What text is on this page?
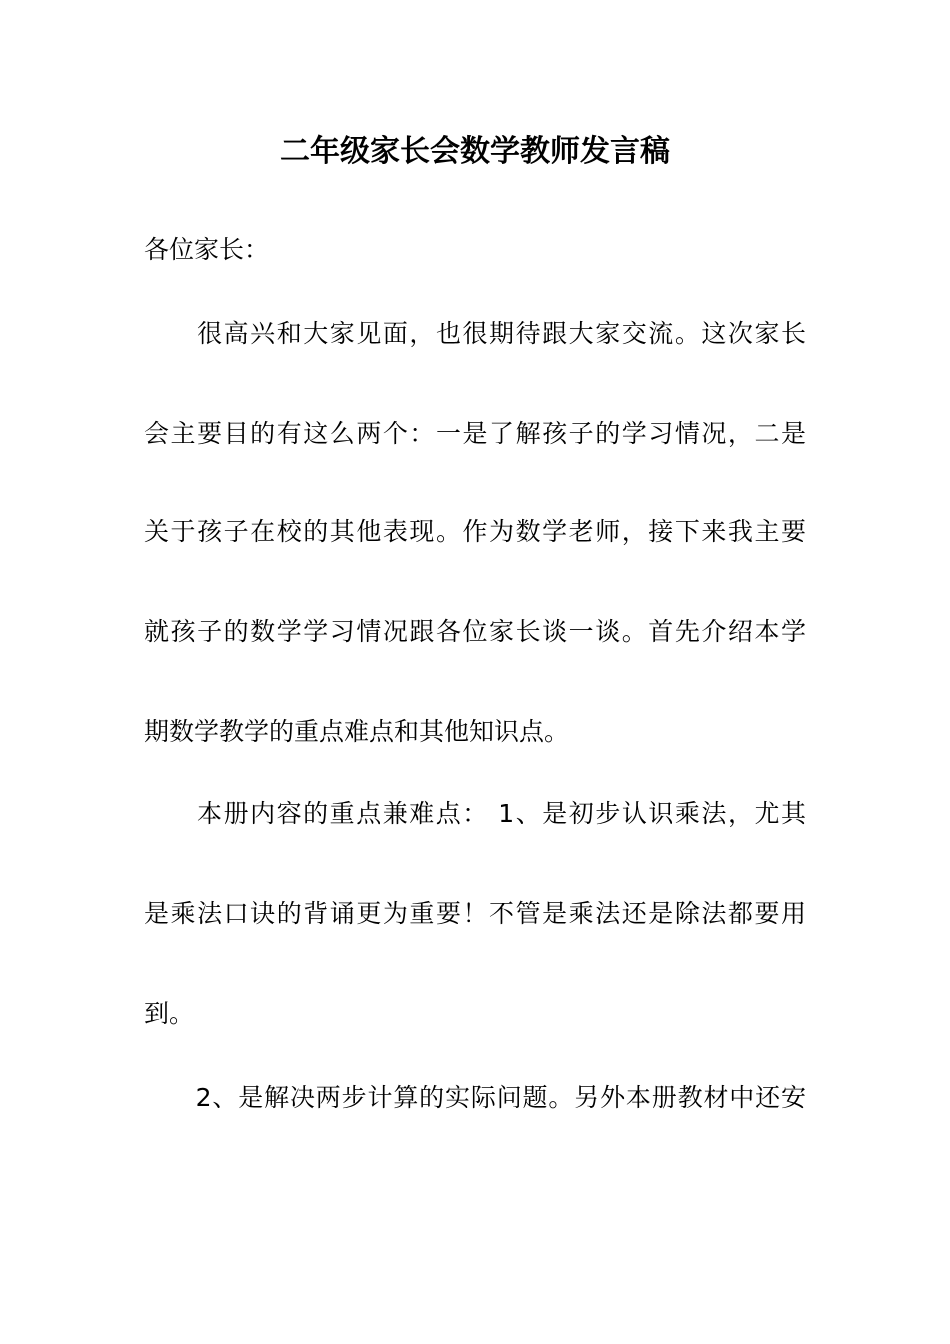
二年级家长会数学教师发言稿
各位家长：
　　很高兴和大家见面，也很期待跟大家交流。这次家长
会主要目的有这么两个：一是了解孩子的学习情况，二是
关于孩子在校的其他表现。作为数学老师，接下来我主要
就孩子的数学学习情况跟各位家长谈一谈。首先介绍本学
期数学教学的重点难点和其他知识点。
　　本册内容的重点兼难点： 1、是初步认识乘法，尤其
是乘法口诀的背诵更为重要！不管是乘法还是除法都要用
到。
　　2、是解决两步计算的实际问题。另外本册教材中还安
